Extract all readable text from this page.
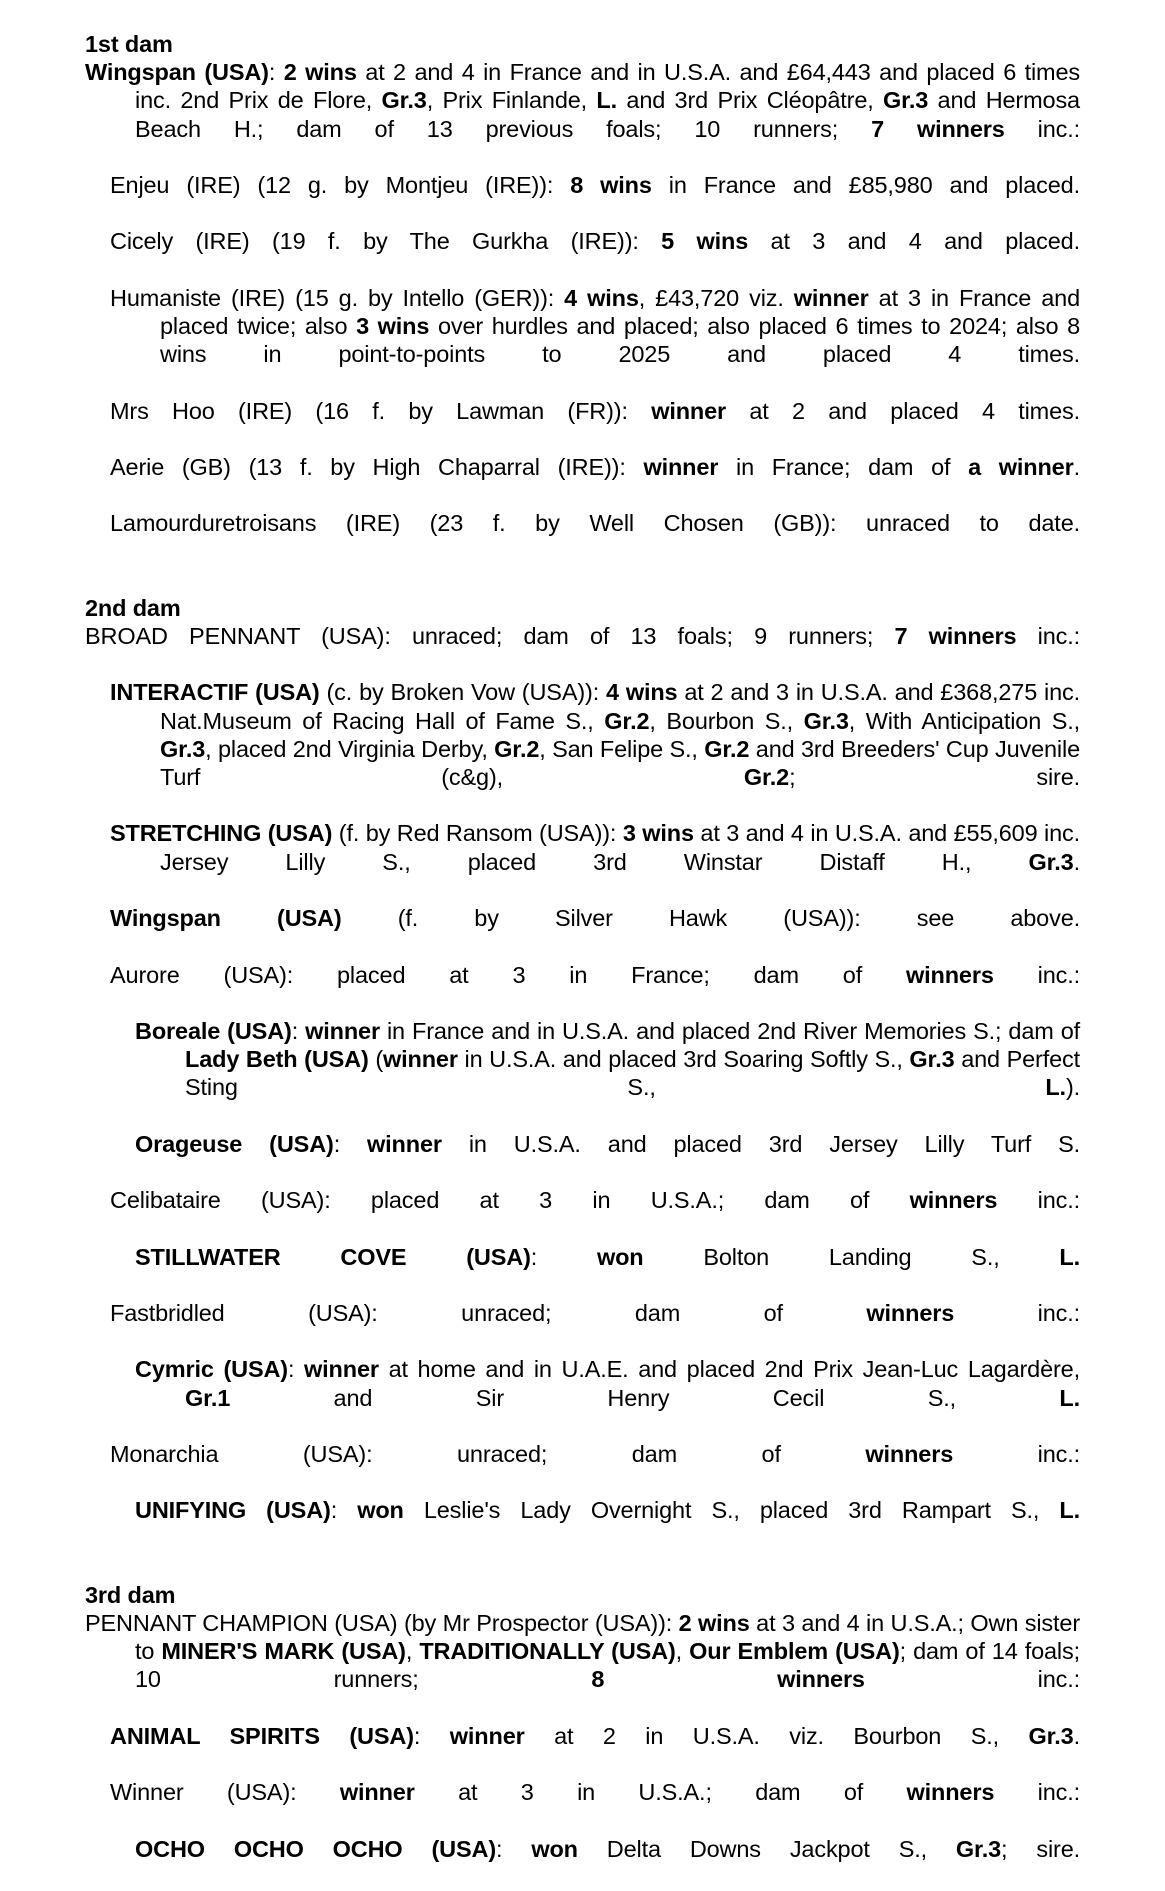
1st dam

Wingspan (USA): 2 wins at 2 and 4 in France and in U.S.A. and £64,443 and placed 6 times inc. 2nd Prix de Flore, Gr.3, Prix Finlande, L. and 3rd Prix Cléopâtre, Gr.3 and Hermosa Beach H.; dam of 13 previous foals; 10 runners; 7 winners inc.:

Enjeu (IRE) (12 g. by Montjeu (IRE)): 8 wins in France and £85,980 and placed.

Cicely (IRE) (19 f. by The Gurkha (IRE)): 5 wins at 3 and 4 and placed.

Humaniste (IRE) (15 g. by Intello (GER)): 4 wins, £43,720 viz. winner at 3 in France and placed twice; also 3 wins over hurdles and placed; also placed 6 times to 2024; also 8 wins in point-to-points to 2025 and placed 4 times.

Mrs Hoo (IRE) (16 f. by Lawman (FR)): winner at 2 and placed 4 times.

Aerie (GB) (13 f. by High Chaparral (IRE)): winner in France; dam of a winner.

Lamourduretroisans (IRE) (23 f. by Well Chosen (GB)): unraced to date.

2nd dam

BROAD PENNANT (USA): unraced; dam of 13 foals; 9 runners; 7 winners inc.:

INTERACTIF (USA) (c. by Broken Vow (USA)): 4 wins at 2 and 3 in U.S.A. and £368,275 inc. Nat.Museum of Racing Hall of Fame S., Gr.2, Bourbon S., Gr.3, With Anticipation S., Gr.3, placed 2nd Virginia Derby, Gr.2, San Felipe S., Gr.2 and 3rd Breeders' Cup Juvenile Turf (c&g), Gr.2; sire.

STRETCHING (USA) (f. by Red Ransom (USA)): 3 wins at 3 and 4 in U.S.A. and £55,609 inc. Jersey Lilly S., placed 3rd Winstar Distaff H., Gr.3.

Wingspan (USA) (f. by Silver Hawk (USA)): see above.

Aurore (USA): placed at 3 in France; dam of winners inc.:

Boreale (USA): winner in France and in U.S.A. and placed 2nd River Memories S.; dam of Lady Beth (USA) (winner in U.S.A. and placed 3rd Soaring Softly S., Gr.3 and Perfect Sting S., L.).

Orageuse (USA): winner in U.S.A. and placed 3rd Jersey Lilly Turf S.

Celibataire (USA): placed at 3 in U.S.A.; dam of winners inc.:

STILLWATER COVE (USA): won Bolton Landing S., L.

Fastbridled (USA): unraced; dam of winners inc.:

Cymric (USA): winner at home and in U.A.E. and placed 2nd Prix Jean-Luc Lagardère, Gr.1 and Sir Henry Cecil S., L.

Monarchia (USA): unraced; dam of winners inc.:

UNIFYING (USA): won Leslie's Lady Overnight S., placed 3rd Rampart S., L.

3rd dam

PENNANT CHAMPION (USA) (by Mr Prospector (USA)): 2 wins at 3 and 4 in U.S.A.; Own sister to MINER'S MARK (USA), TRADITIONALLY (USA), Our Emblem (USA); dam of 14 foals; 10 runners; 8 winners inc.:

ANIMAL SPIRITS (USA): winner at 2 in U.S.A. viz. Bourbon S., Gr.3.

Winner (USA): winner at 3 in U.S.A.; dam of winners inc.:

OCHO OCHO OCHO (USA): won Delta Downs Jackpot S., Gr.3; sire.
